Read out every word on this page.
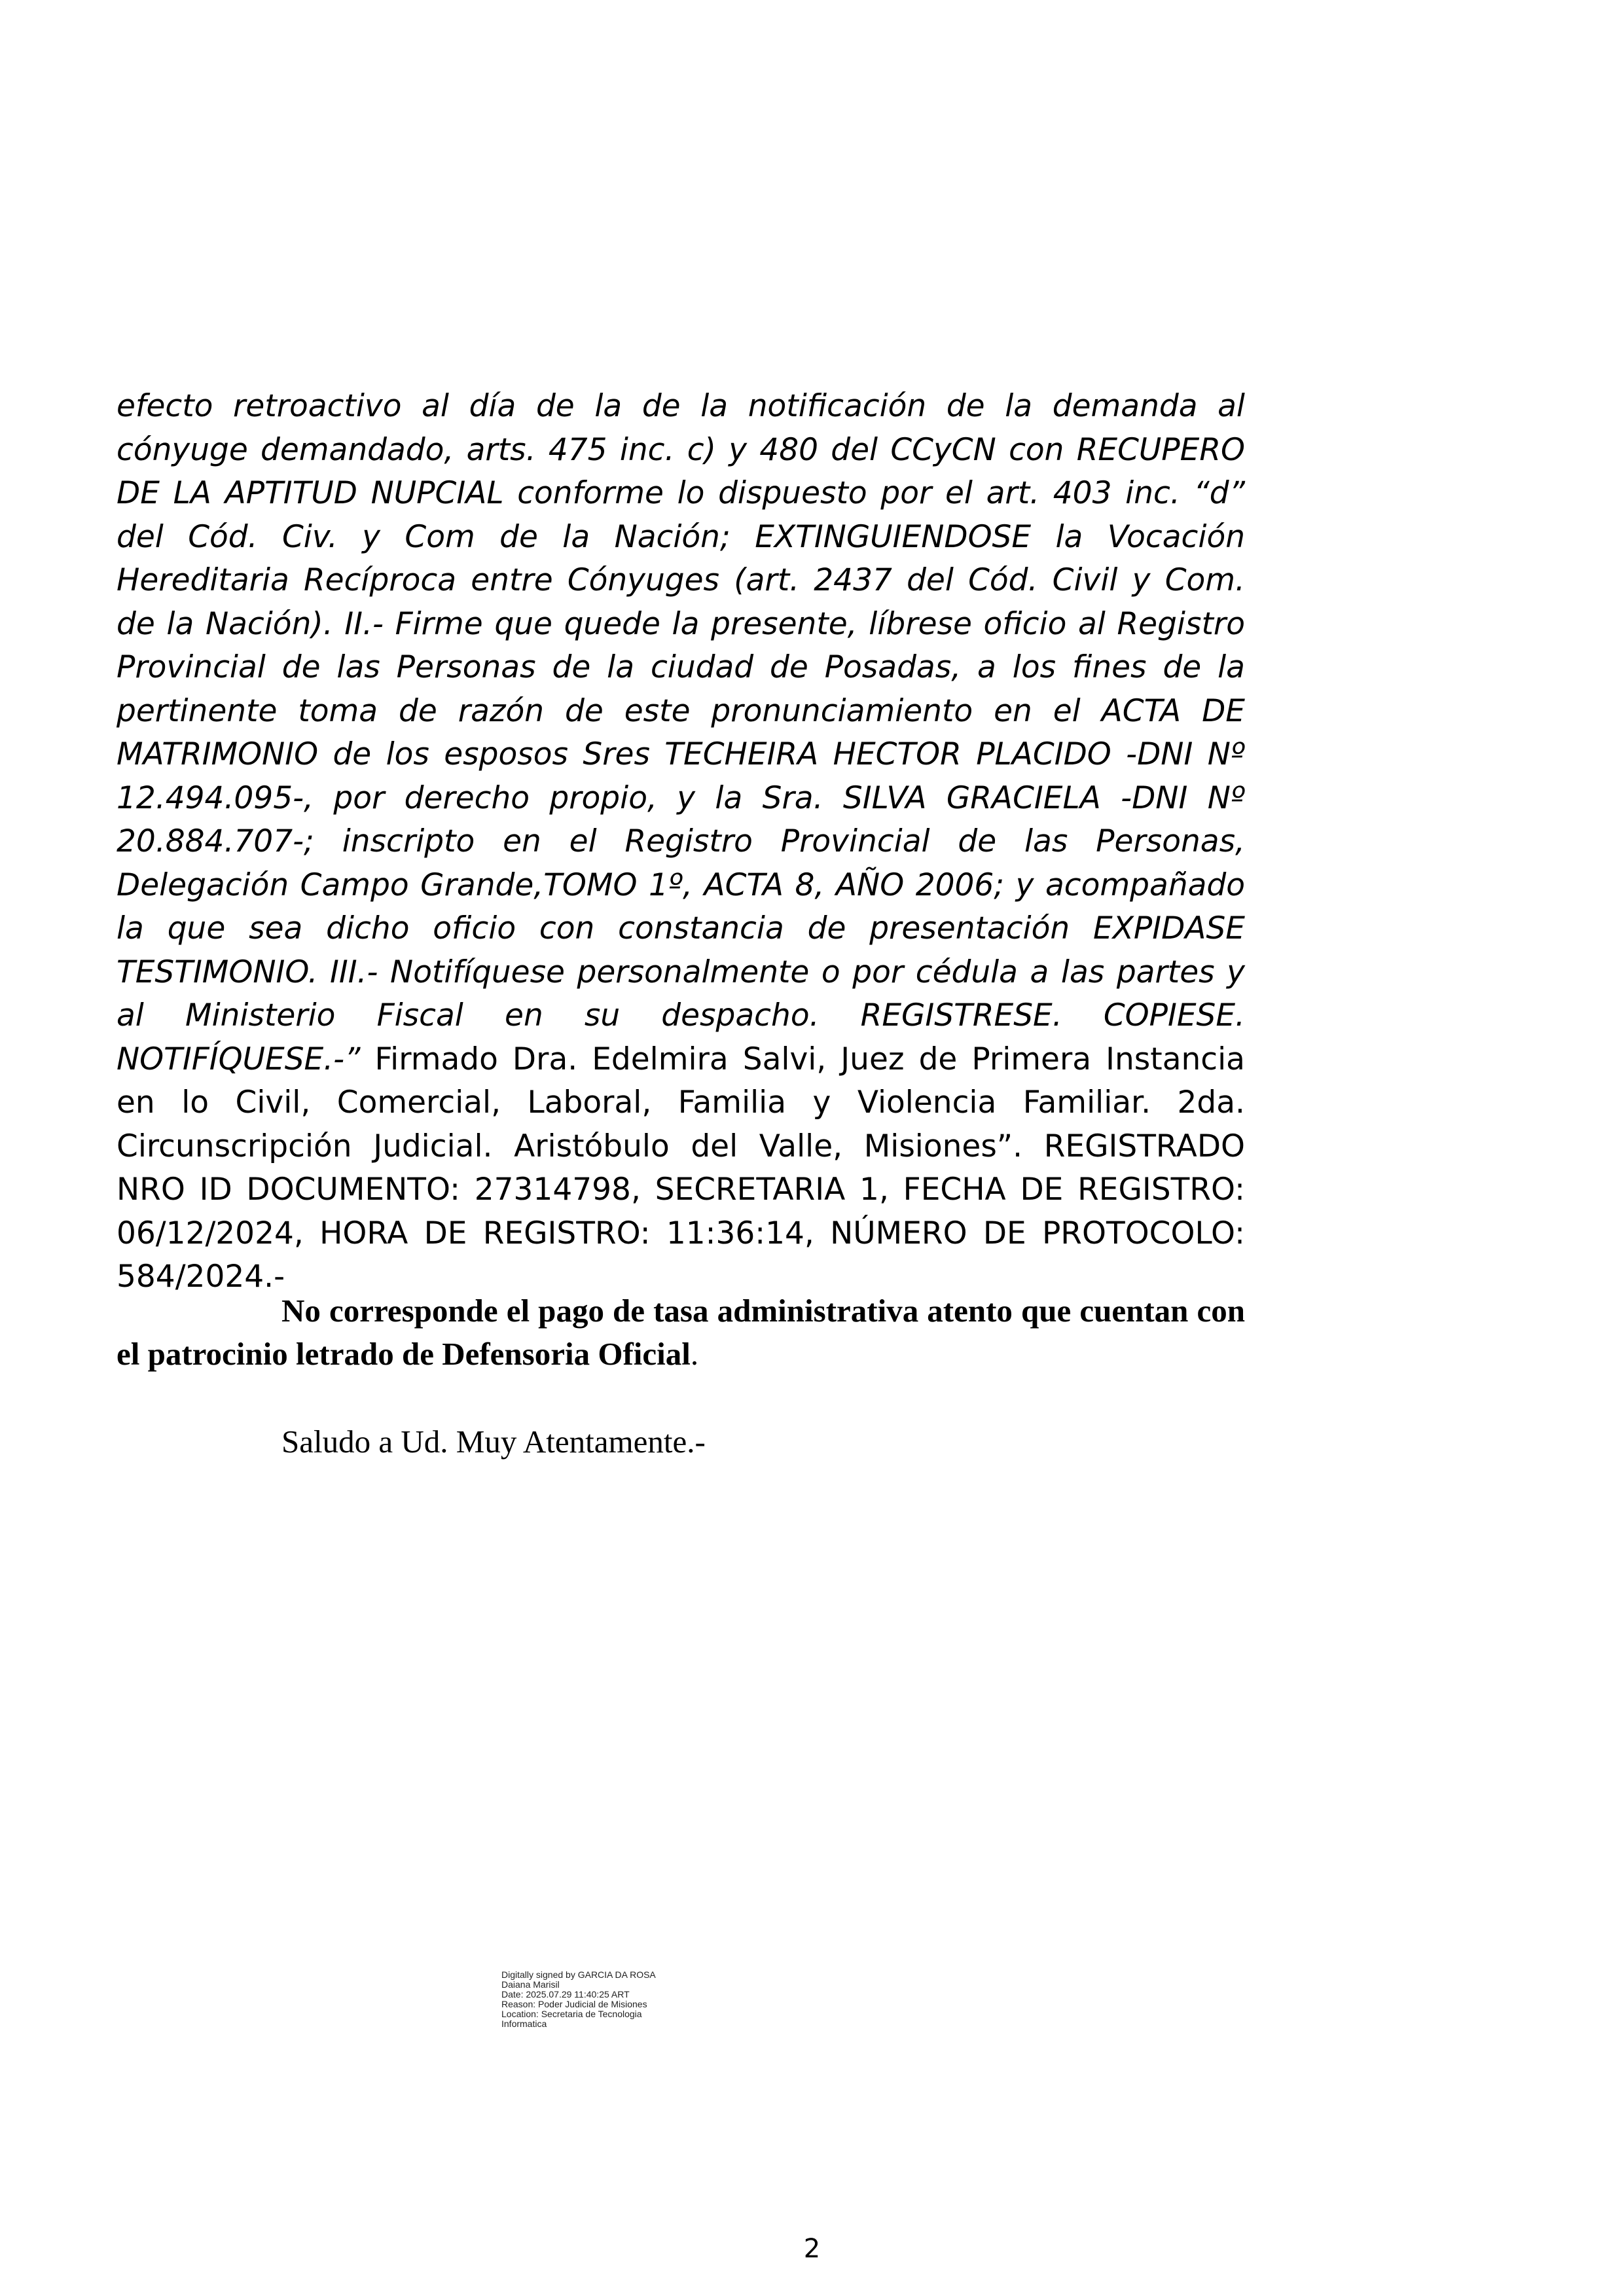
efecto retroactivo al día de la de la notificación de la demanda al cónyuge demandado, arts. 475 inc. c) y 480 del CCyCN con RECUPERO DE LA APTITUD NUPCIAL conforme lo dispuesto por el art. 403 inc. “d” del Cód. Civ. y Com de la Nación; EXTINGUIENDOSE la Vocación Hereditaria Recíproca entre Cónyuges (art. 2437 del Cód. Civil y Com. de la Nación). II.- Firme que quede la presente, líbrese oficio al Registro Provincial de las Personas de la ciudad de Posadas, a los fines de la pertinente toma de razón de este pronunciamiento en el ACTA DE MATRIMONIO de los esposos Sres TECHEIRA HECTOR PLACIDO -DNI Nº 12.494.095-, por derecho propio, y la Sra. SILVA GRACIELA -DNI Nº 20.884.707-; inscripto en el Registro Provincial de las Personas, Delegación Campo Grande,TOMO 1º, ACTA 8, AÑO 2006; y acompañado la que sea dicho oficio con constancia de presentación EXPIDASE TESTIMONIO. III.- Notifíquese personalmente o por cédula a las partes y al Ministerio Fiscal en su despacho. REGISTRESE. COPIESE. NOTIFÍQUESE.-” Firmado Dra. Edelmira Salvi, Juez de Primera Instancia en lo Civil, Comercial, Laboral, Familia y Violencia Familiar. 2da. Circunscripción Judicial. Aristóbulo del Valle, Misiones”. REGISTRADO NRO ID DOCUMENTO: 27314798, SECRETARIA 1, FECHA DE REGISTRO: 06/12/2024, HORA DE REGISTRO: 11:36:14, NÚMERO DE PROTOCOLO: 584/2024.-

No corresponde el pago de tasa administrativa atento que cuentan con el patrocinio letrado de Defensoria Oficial.

Saludo a Ud. Muy Atentamente.-

Digitally signed by GARCIA DA ROSA
Daiana Marisil
Date: 2025.07.29 11:40:25 ART
Reason: Poder Judicial de Misiones
Location: Secretaria de Tecnologia
Informatica
2
